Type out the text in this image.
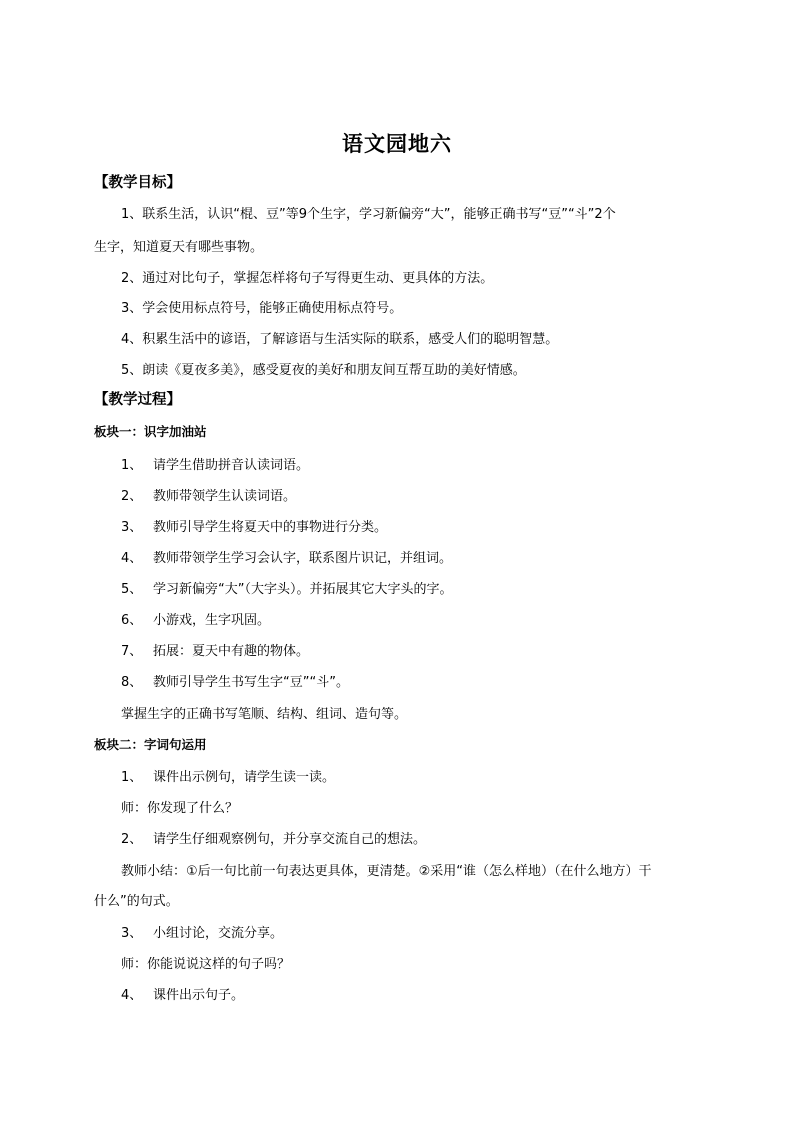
语文园地六
【教学目标】
1、联系生活，认识“棍、豆”等9个生字，学习新偏旁“大”，能够正确书写“豆”“斗”2个
生字，知道夏天有哪些事物。
2、通过对比句子，掌握怎样将句子写得更生动、更具体的方法。
3、学会使用标点符号，能够正确使用标点符号。
4、积累生活中的谚语，了解谚语与生活实际的联系，感受人们的聪明智慧。
5、朗读《夏夜多美》，感受夏夜的美好和朋友间互帮互助的美好情感。
【教学过程】
板块一：识字加油站
1、 请学生借助拼音认读词语。
2、 教师带领学生认读词语。
3、 教师引导学生将夏天中的事物进行分类。
4、 教师带领学生学习会认字，联系图片识记，并组词。
5、 学习新偏旁“大”（大字头）。并拓展其它大字头的字。
6、 小游戏，生字巩固。
7、 拓展：夏天中有趣的物体。
8、 教师引导学生书写生字“豆”“斗”。
掌握生字的正确书写笔顺、结构、组词、造句等。
板块二：字词句运用
1、 课件出示例句，请学生读一读。
师：你发现了什么？
2、 请学生仔细观察例句，并分享交流自己的想法。
教师小结：①后一句比前一句表达更具体，更清楚。②采用“谁（怎么样地）（在什么地方）干
什么”的句式。
3、 小组讨论，交流分享。
师：你能说说这样的句子吗？
4、 课件出示句子。
